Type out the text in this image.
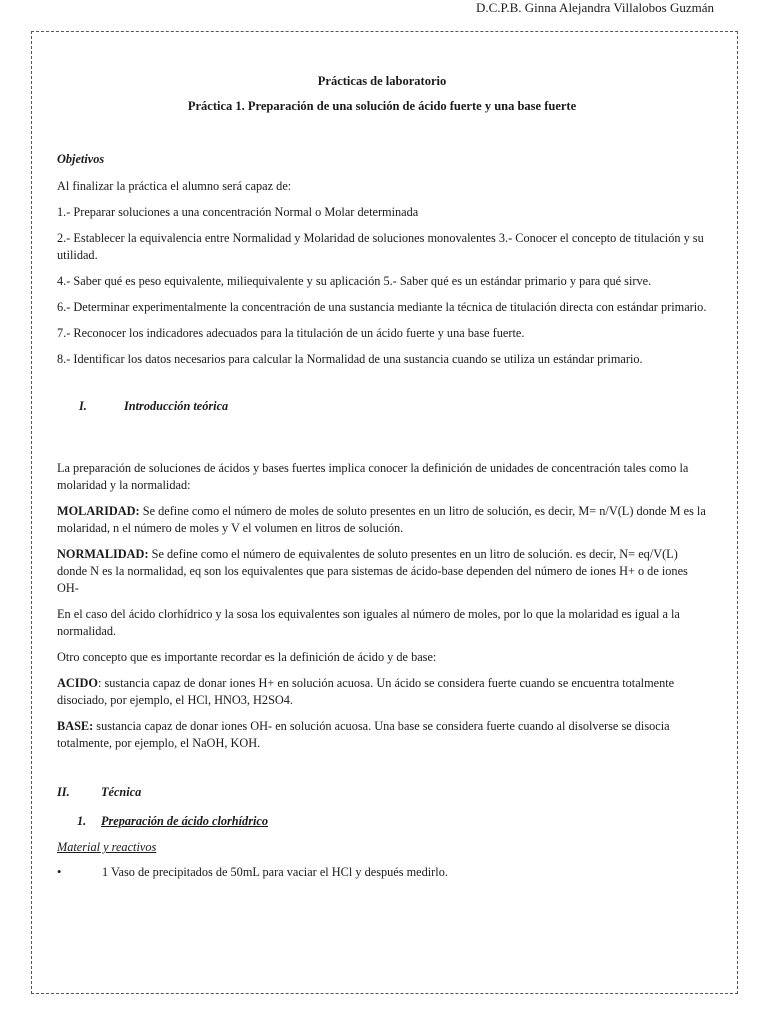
D.C.P.B. Ginna Alejandra Villalobos Guzmán
Prácticas de laboratorio
Práctica 1. Preparación de una solución de ácido fuerte y una base fuerte
Objetivos

Al finalizar la práctica el alumno será capaz de:

1.- Preparar soluciones a una concentración Normal o Molar determinada

2.- Establecer la equivalencia entre Normalidad y Molaridad de soluciones monovalentes 3.- Conocer el concepto de titulación y su utilidad.

4.- Saber qué es peso equivalente, miliequivalente y su aplicación 5.- Saber qué es un estándar primario y para qué sirve.

6.- Determinar experimentalmente la concentración de una sustancia mediante la técnica de titulación directa con estándar primario.

7.- Reconocer los indicadores adecuados para la titulación de un ácido fuerte y una base fuerte.

8.- Identificar los datos necesarios para calcular la Normalidad de una sustancia cuando se utiliza un estándar primario.

I.	Introducción teórica

La preparación de soluciones de ácidos y bases fuertes implica conocer la definición de unidades de concentración tales como la molaridad y la normalidad:

MOLARIDAD: Se define como el número de moles de soluto presentes en un litro de solución, es decir, M= n/V(L) donde M es la molaridad, n el número de moles y V el volumen en litros de solución.

NORMALIDAD: Se define como el número de equivalentes de soluto presentes en un litro de solución. es decir, N= eq/V(L) donde N es la normalidad, eq son los equivalentes que para sistemas de ácido-base dependen del número de iones H+ o de iones OH-

En el caso del ácido clorhídrico y la sosa los equivalentes son iguales al número de moles, por lo que la molaridad es igual a la normalidad.

Otro concepto que es importante recordar es la definición de ácido y de base:

ACIDO: sustancia capaz de donar iones H+ en solución acuosa. Un ácido se considera fuerte cuando se encuentra totalmente disociado, por ejemplo, el HCl, HNO3, H2SO4.

BASE: sustancia capaz de donar iones OH- en solución acuosa. Una base se considera fuerte cuando al disolverse se disocia totalmente, por ejemplo, el NaOH, KOH.

II.	Técnica
1.	Preparación de ácido clorhídrico
Material y reactivos
•	1 Vaso de precipitados de 50mL para vaciar el HCl y después medirlo.
